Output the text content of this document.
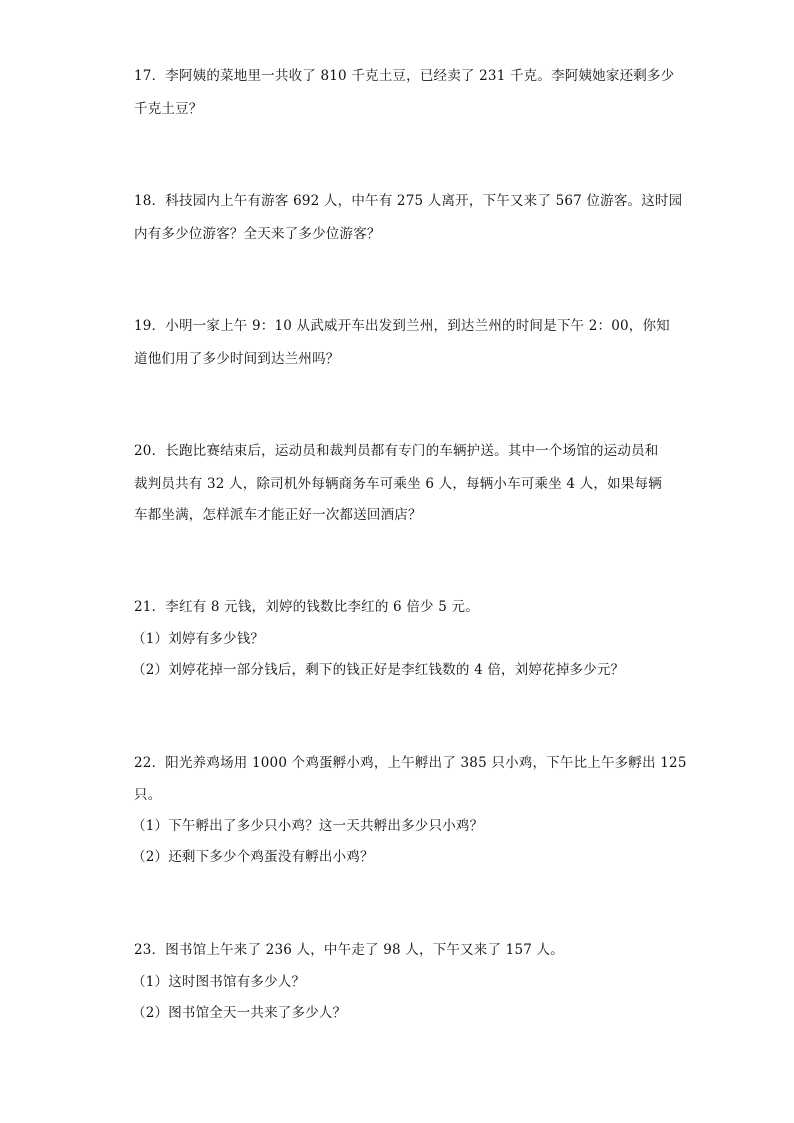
17．李阿姨的菜地里一共收了 810 千克土豆，已经卖了 231 千克。李阿姨她家还剩多少
千克土豆？
18．科技园内上午有游客 692 人，中午有 275 人离开，下午又来了 567 位游客。这时园
内有多少位游客？全天来了多少位游客？
19．小明一家上午 9：10 从武威开车出发到兰州，到达兰州的时间是下午 2：00，你知
道他们用了多少时间到达兰州吗？
20．长跑比赛结束后，运动员和裁判员都有专门的车辆护送。其中一个场馆的运动员和
裁判员共有 32 人，除司机外每辆商务车可乘坐 6 人，每辆小车可乘坐 4 人，如果每辆
车都坐满，怎样派车才能正好一次都送回酒店？
21．李红有 8 元钱，刘婷的钱数比李红的 6 倍少 5 元。
（1）刘婷有多少钱？
（2）刘婷花掉一部分钱后，剩下的钱正好是李红钱数的 4 倍，刘婷花掉多少元？
22．阳光养鸡场用 1000 个鸡蛋孵小鸡，上午孵出了 385 只小鸡，下午比上午多孵出 125
只。
（1）下午孵出了多少只小鸡？这一天共孵出多少只小鸡？
（2）还剩下多少个鸡蛋没有孵出小鸡？
23．图书馆上午来了 236 人，中午走了 98 人，下午又来了 157 人。
（1）这时图书馆有多少人？
（2）图书馆全天一共来了多少人？
